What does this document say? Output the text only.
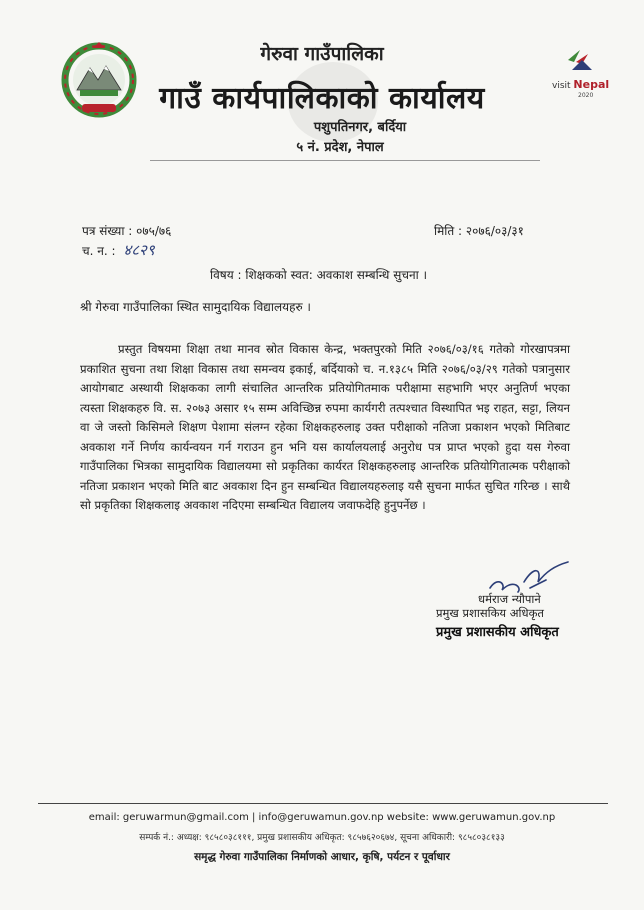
visit Nepal
2020
गेरुवा गाउँपालिका
गाउँ कार्यपालिकाको कार्यालय
पशुपतिनगर, बर्दिया
५ नं. प्रदेश, नेपाल
पत्र संख्या : ०७५/७६	मिति : २०७६/०३/३१
च. न. : ४८२९
विषय : शिक्षकको स्वत: अवकाश सम्बन्धि सुचना ।
श्री गेरुवा गाउँपालिका स्थित सामुदायिक विद्यालयहरु ।
प्रस्तुत विषयमा शिक्षा तथा मानव स्रोत विकास केन्द्र, भक्तपुरको मिति २०७६/०३/१६ गतेको गोरखापत्रमा प्रकाशित सुचना तथा शिक्षा विकास तथा समन्वय इकाई, बर्दियाको च. न.१३८५ मिति २०७६/०३/२९ गतेको पत्रानुसार आयोगबाट अस्थायी शिक्षकका लागी संचालित आन्तरिक प्रतियोगितमाक परीक्षामा सहभागि भएर अनुतिर्ण भएका त्यस्ता शिक्षकहरु वि. स. २०७३ असार १५ सम्म अविच्छिन्न रुपमा कार्यगरी तत्पश्चात विस्थापित भइ राहत, सट्टा, लियन वा जे जस्तो किसिमले शिक्षण पेशामा संलग्न रहेका शिक्षकहरुलाइ उक्त परीक्षाको नतिजा प्रकाशन भएको मितिबाट अवकाश गर्ने निर्णय कार्यन्वयन गर्न गराउन हुन भनि यस कार्यालयलाई अनुरोध पत्र प्राप्त भएको हुदा यस गेरुवा गाउँपालिका भित्रका सामुदायिक विद्यालयमा सो प्रकृतिका कार्यरत शिक्षकहरुलाइ आन्तरिक प्रतियोगितात्मक परीक्षाको नतिजा प्रकाशन भएको मिति बाट अवकाश दिन हुन सम्बन्धित विद्यालयहरुलाइ यसै सुचना मार्फत सुचित गरिन्छ । साथै सो प्रकृतिका शिक्षकलाइ अवकाश नदिएमा सम्बन्धित विद्यालय जवाफदेहि हुनुपर्नेछ ।
धर्मराज न्यौपाने
प्रमुख प्रशासकिय अधिकृत
प्रमुख प्रशासकीय अधिकृत
email: geruwarmun@gmail.com | info@geruwamun.gov.np website: www.geruwamun.gov.np
सम्पर्क नं.: अध्यक्ष: ९८५८०३८१११, प्रमुख प्रशासकीय अधिकृत: ९८५७६२०६७४, सूचना अधिकारी: ९८५८०३८१३३
समृद्ध गेरुवा गाउँपालिका निर्माणको आधार, कृषि, पर्यटन र पूर्वाधार
